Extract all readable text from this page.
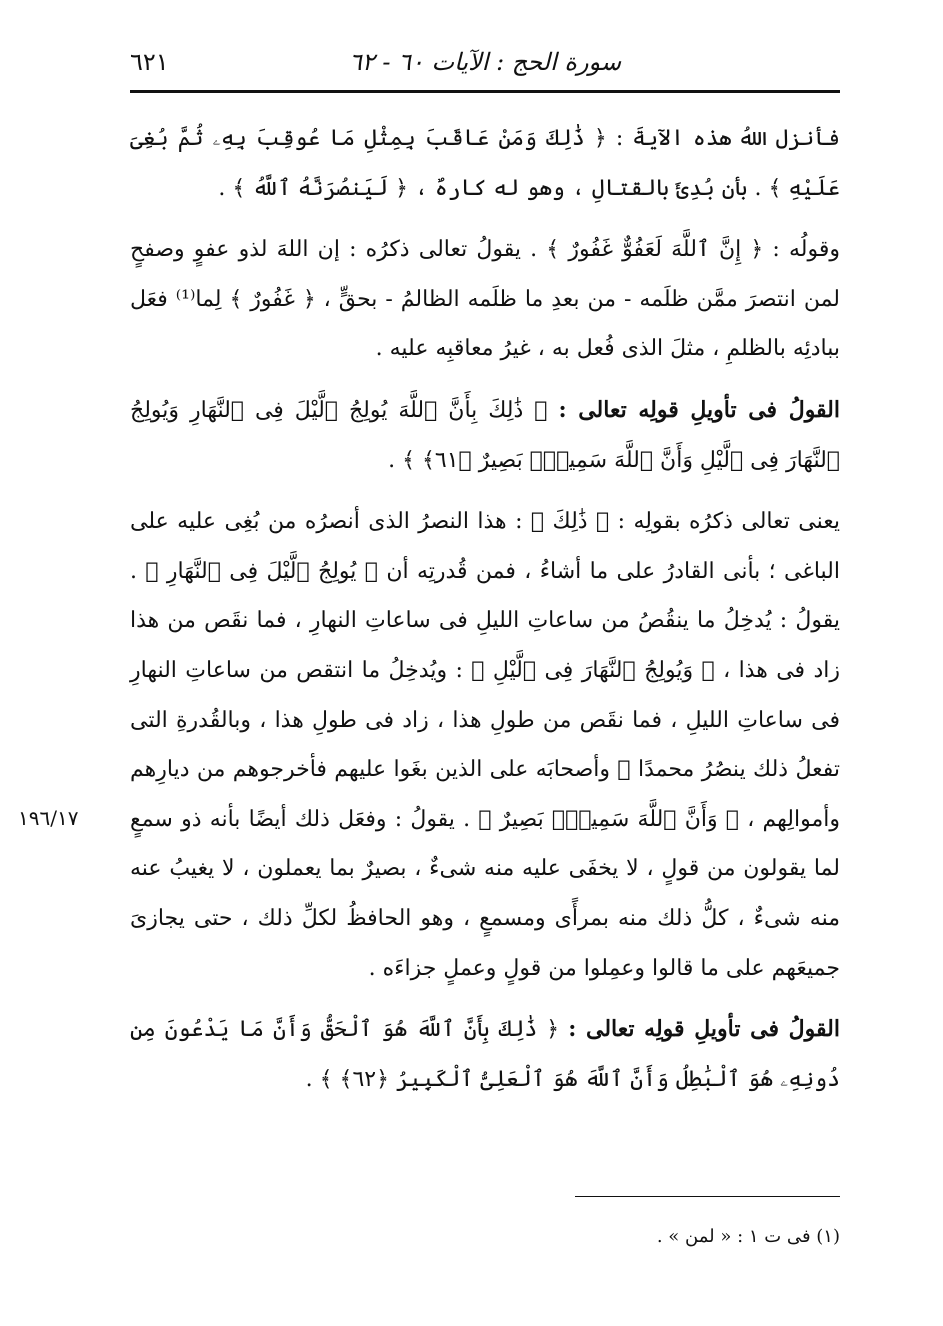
٦٢١	سورة الحج : الآيات ٦٠ - ٦٢
١٩٦/١٧

فأنزل اللهُ هذه الآيةَ : ﴿ ذَٰلِكَ وَمَنْ عَاقَبَ بِمِثْلِ مَا عُوقِبَ بِهِۦ ثُمَّ بُغِىَ عَلَيْهِ ﴾ . بأن بُدِئَ بالقتالِ ، وهو له كارهٌ ، ﴿ لَيَنصُرَنَّهُ ٱللَّهُ ﴾ .

وقولُه : ﴿ إِنَّ ٱللَّهَ لَعَفُوٌّ غَفُورٌ ﴾ . يقولُ تعالى ذكرُه : إن اللهَ لذو عفوٍ وصفحٍ لمن انتصرَ ممَّن ظلَمه - من بعدِ ما ظلَمه الظالمُ - بحقٍّ ، ﴿ غَفُورٌ ﴾ لِما⁽¹⁾ فعَل ببادئِه بالظلمِ ، مثلَ الذى فُعل به ، غيرُ معاقبِه عليه .

القولُ فى تأويلِ قولِه تعالى : ﴿ ذَٰلِكَ بِأَنَّ ٱللَّهَ يُولِجُ ٱلَّيْلَ فِى ٱلنَّهَارِ وَيُولِجُ ٱلنَّهَارَ فِى ٱلَّيْلِ وَأَنَّ ٱللَّهَ سَمِيعٌۢ بَصِيرٌ ﴿٦١﴾ ﴾ .

يعنى تعالى ذكرُه بقولِه : ﴿ ذَٰلِكَ ﴾ : هذا النصرُ الذى أنصرُه من بُغِى عليه على الباغى ؛ بأنى القادرُ على ما أشاءُ ، فمن قُدرتِه أن ﴿ يُولِجُ ٱلَّيْلَ فِى ٱلنَّهَارِ ﴾ . يقولُ : يُدخِلُ ما ينقُصُ من ساعاتِ الليلِ فى ساعاتِ النهارِ ، فما نقَص من هذا زاد فى هذا ، ﴿ وَيُولِجُ ٱلنَّهَارَ فِى ٱلَّيْلِ ﴾ : ويُدخِلُ ما انتقص من ساعاتِ النهارِ فى ساعاتِ الليلِ ، فما نقَص من طولِ هذا ، زاد فى طولِ هذا ، وبالقُدرةِ التى تفعلُ ذلك ينصُرُ محمدًا ﷺ وأصحابَه على الذين بغَوا عليهم فأخرجوهم من ديارِهم وأموالِهم ، ﴿ وَأَنَّ ٱللَّهَ سَمِيعٌۢ بَصِيرٌ ﴾ . يقولُ : وفعَل ذلك أيضًا بأنه ذو سمعٍ لما يقولون من قولٍ ، لا يخفَى عليه منه شىءٌ ، بصيرٌ بما يعملون ، لا يغيبُ عنه منه شىءٌ ، كلُّ ذلك منه بمرأًى ومسمعٍ ، وهو الحافظُ لكلِّ ذلك ، حتى يجازىَ جميعَهم على ما قالوا وعمِلوا من قولٍ وعملٍ جزاءَه .

القولُ فى تأويلِ قولِه تعالى : ﴿ ذَٰلِكَ بِأَنَّ ٱللَّهَ هُوَ ٱلْحَقُّ وَأَنَّ مَا يَدْعُونَ مِن دُونِهِۦ هُوَ ٱلْبَٰطِلُ وَأَنَّ ٱللَّهَ هُوَ ٱلْعَلِىُّ ٱلْكَبِيرُ ﴿٦٢﴾ ﴾ .

(١) فى ت ١ : « لمن » .
